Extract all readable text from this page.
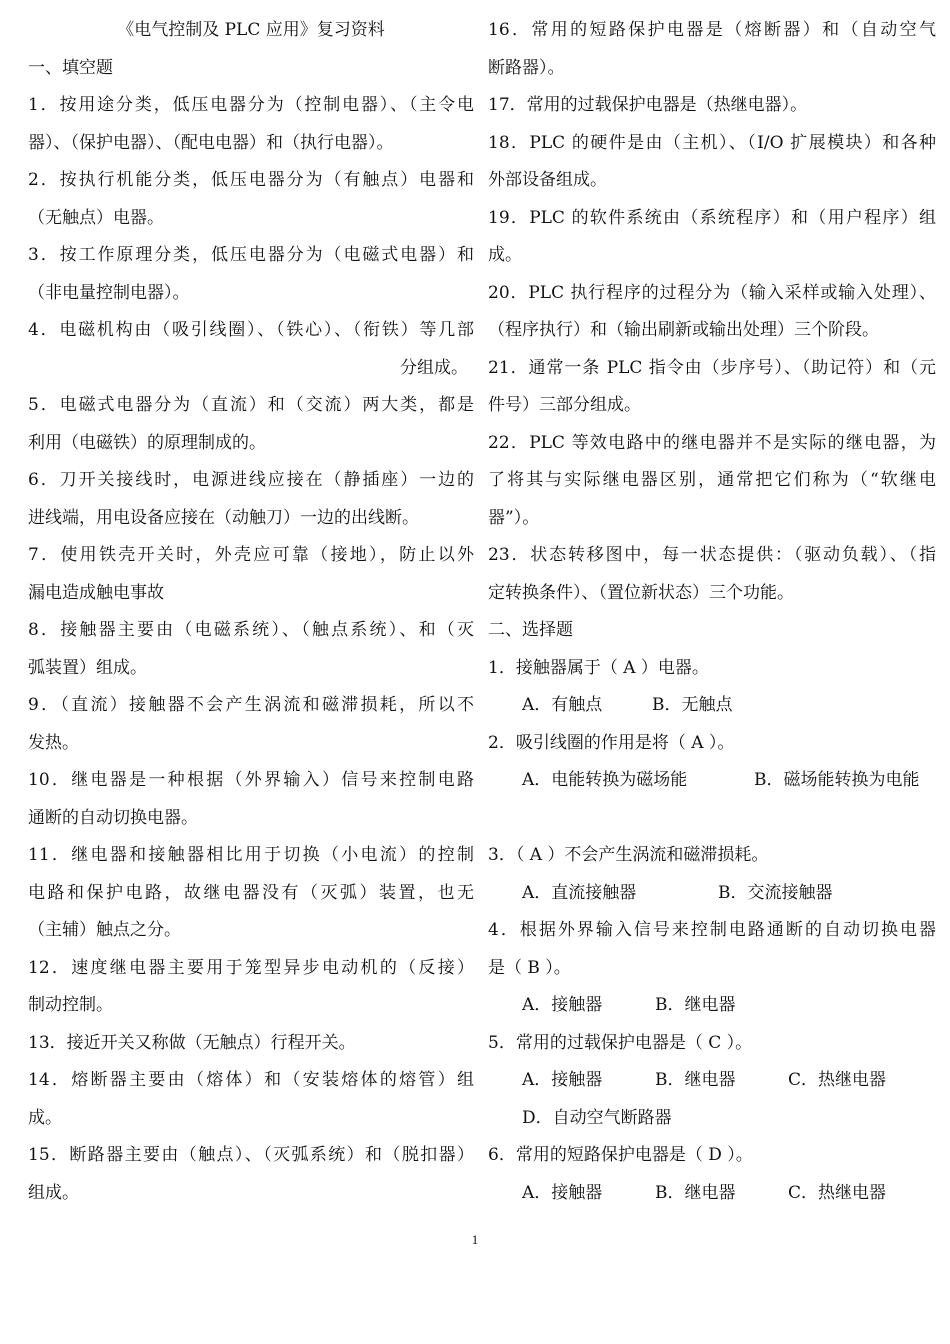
《电气控制及 PLC 应用》复习资料
一、填空题
1．按用途分类，低压电器分为（控制电器）、（主令电
器）、（保护电器）、（配电电器）和（执行电器）。
2．按执行机能分类，低压电器分为（有触点）电器和
（无触点）电器。
3．按工作原理分类，低压电器分为（电磁式电器）和
（非电量控制电器）。
4．电磁机构由（吸引线圈）、（铁心）、（衔铁）等几部
分组成。
5．电磁式电器分为（直流）和（交流）两大类，都是
利用（电磁铁）的原理制成的。
6．刀开关接线时，电源进线应接在（静插座）一边的
进线端，用电设备应接在（动触刀）一边的出线断。
7．使用铁壳开关时，外壳应可靠（接地），防止以外
漏电造成触电事故
8．接触器主要由（电磁系统）、（触点系统）、和（灭
弧装置）组成。
9．（直流）接触器不会产生涡流和磁滞损耗，所以不
发热。
10．继电器是一种根据（外界输入）信号来控制电路
通断的自动切换电器。
11．继电器和接触器相比用于切换（小电流）的控制
电路和保护电路，故继电器没有（灭弧）装置，也无
（主辅）触点之分。
12．速度继电器主要用于笼型异步电动机的（反接）
制动控制。
13．接近开关又称做（无触点）行程开关。
14．熔断器主要由（熔体）和（安装熔体的熔管）组
成。
15．断路器主要由（触点）、（灭弧系统）和（脱扣器）
组成。
16．常用的短路保护电器是（熔断器）和（自动空气
断路器）。
17．常用的过载保护电器是（热继电器）。
18．PLC 的硬件是由（主机）、（I/O 扩展模块）和各种
外部设备组成。
19．PLC 的软件系统由（系统程序）和（用户程序）组
成。
20．PLC 执行程序的过程分为（输入采样或输入处理）、
（程序执行）和（输出刷新或输出处理）三个阶段。
21．通常一条 PLC 指令由（步序号）、（助记符）和（元
件号）三部分组成。
22．PLC 等效电路中的继电器并不是实际的继电器，为
了将其与实际继电器区别，通常把它们称为（“软继电
器”）。
23．状态转移图中，每一状态提供：（驱动负载）、（指
定转换条件）、（置位新状态）三个功能。
二、选择题
1．接触器属于（ A ）电器。
A．有触点	B．无触点
2．吸引线圈的作用是将（ A ）。
A．电能转换为磁场能	B．磁场能转换为电能
3．（ A ）不会产生涡流和磁滞损耗。
A．直流接触器	B．交流接触器
4．根据外界输入信号来控制电路通断的自动切换电器
是（ B ）。
A．接触器	B．继电器
5．常用的过载保护电器是（ C ）。
A．接触器	B．继电器	C．热继电器
D．自动空气断路器
6．常用的短路保护电器是（ D ）。
A．接触器	B．继电器	C．热继电器
1
